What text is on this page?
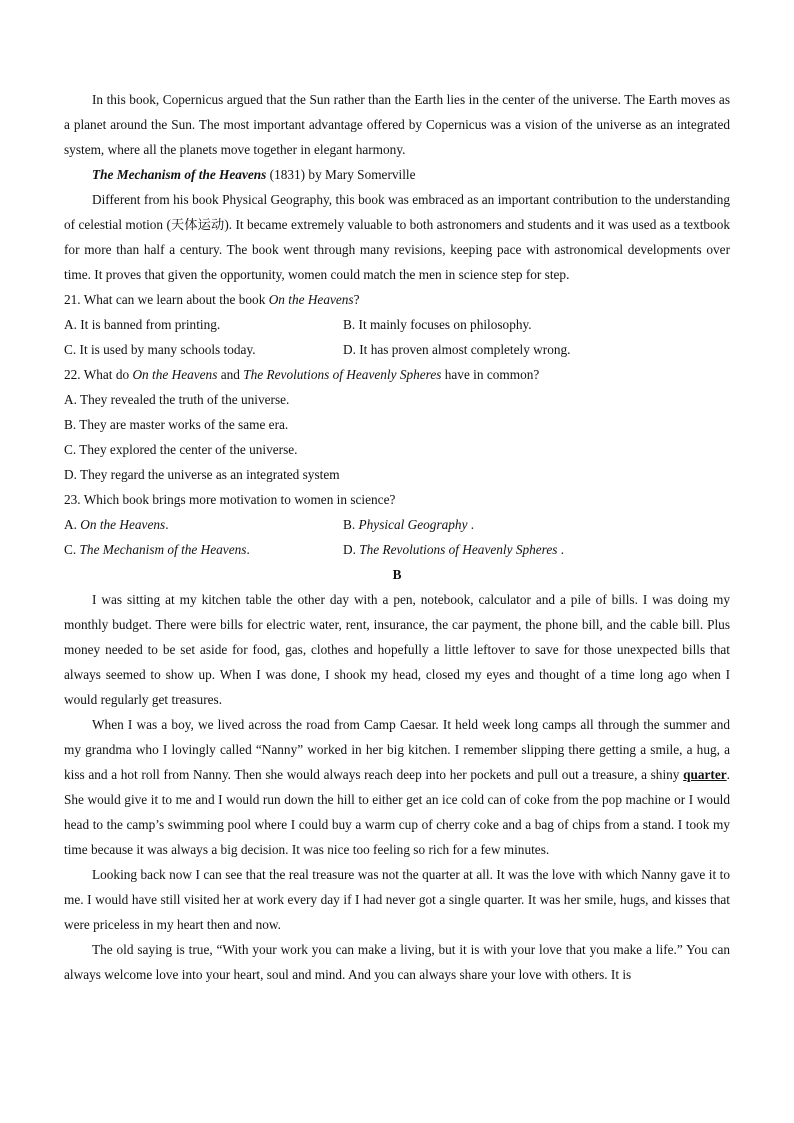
In this book, Copernicus argued that the Sun rather than the Earth lies in the center of the universe. The Earth moves as a planet around the Sun. The most important advantage offered by Copernicus was a vision of the universe as an integrated system, where all the planets move together in elegant harmony.

The Mechanism of the Heavens (1831) by Mary Somerville

Different from his book Physical Geography, this book was embraced as an important contribution to the understanding of celestial motion (天体运动). It became extremely valuable to both astronomers and students and it was used as a textbook for more than half a century. The book went through many revisions, keeping pace with astronomical developments over time. It proves that given the opportunity, women could match the men in science step for step.

21. What can we learn about the book On the Heavens?
A. It is banned from printing.	B. It mainly focuses on philosophy.
C. It is used by many schools today.	D. It has proven almost completely wrong.
22. What do On the Heavens and The Revolutions of Heavenly Spheres have in common?
A. They revealed the truth of the universe.
B. They are master works of the same era.
C. They explored the center of the universe.
D. They regard the universe as an integrated system
23. Which book brings more motivation to women in science?
A. On the Heavens.	B. Physical Geography .
C. The Mechanism of the Heavens.	D. The Revolutions of Heavenly Spheres .
B

I was sitting at my kitchen table the other day with a pen, notebook, calculator and a pile of bills. I was doing my monthly budget. There were bills for electric water, rent, insurance, the car payment, the phone bill, and the cable bill. Plus money needed to be set aside for food, gas, clothes and hopefully a little leftover to save for those unexpected bills that always seemed to show up. When I was done, I shook my head, closed my eyes and thought of a time long ago when I would regularly get treasures.

When I was a boy, we lived across the road from Camp Caesar. It held week long camps all through the summer and my grandma who I lovingly called “Nanny” worked in her big kitchen. I remember slipping there getting a smile, a hug, a kiss and a hot roll from Nanny. Then she would always reach deep into her pockets and pull out a treasure, a shiny quarter. She would give it to me and I would run down the hill to either get an ice cold can of coke from the pop machine or I would head to the camp’s swimming pool where I could buy a warm cup of cherry coke and a bag of chips from a stand. I took my time because it was always a big decision. It was nice too feeling so rich for a few minutes.

Looking back now I can see that the real treasure was not the quarter at all. It was the love with which Nanny gave it to me. I would have still visited her at work every day if I had never got a single quarter. It was her smile, hugs, and kisses that were priceless in my heart then and now.

The old saying is true, “With your work you can make a living, but it is with your love that you make a life.” You can always welcome love into your heart, soul and mind. And you can always share your love with others. It is
